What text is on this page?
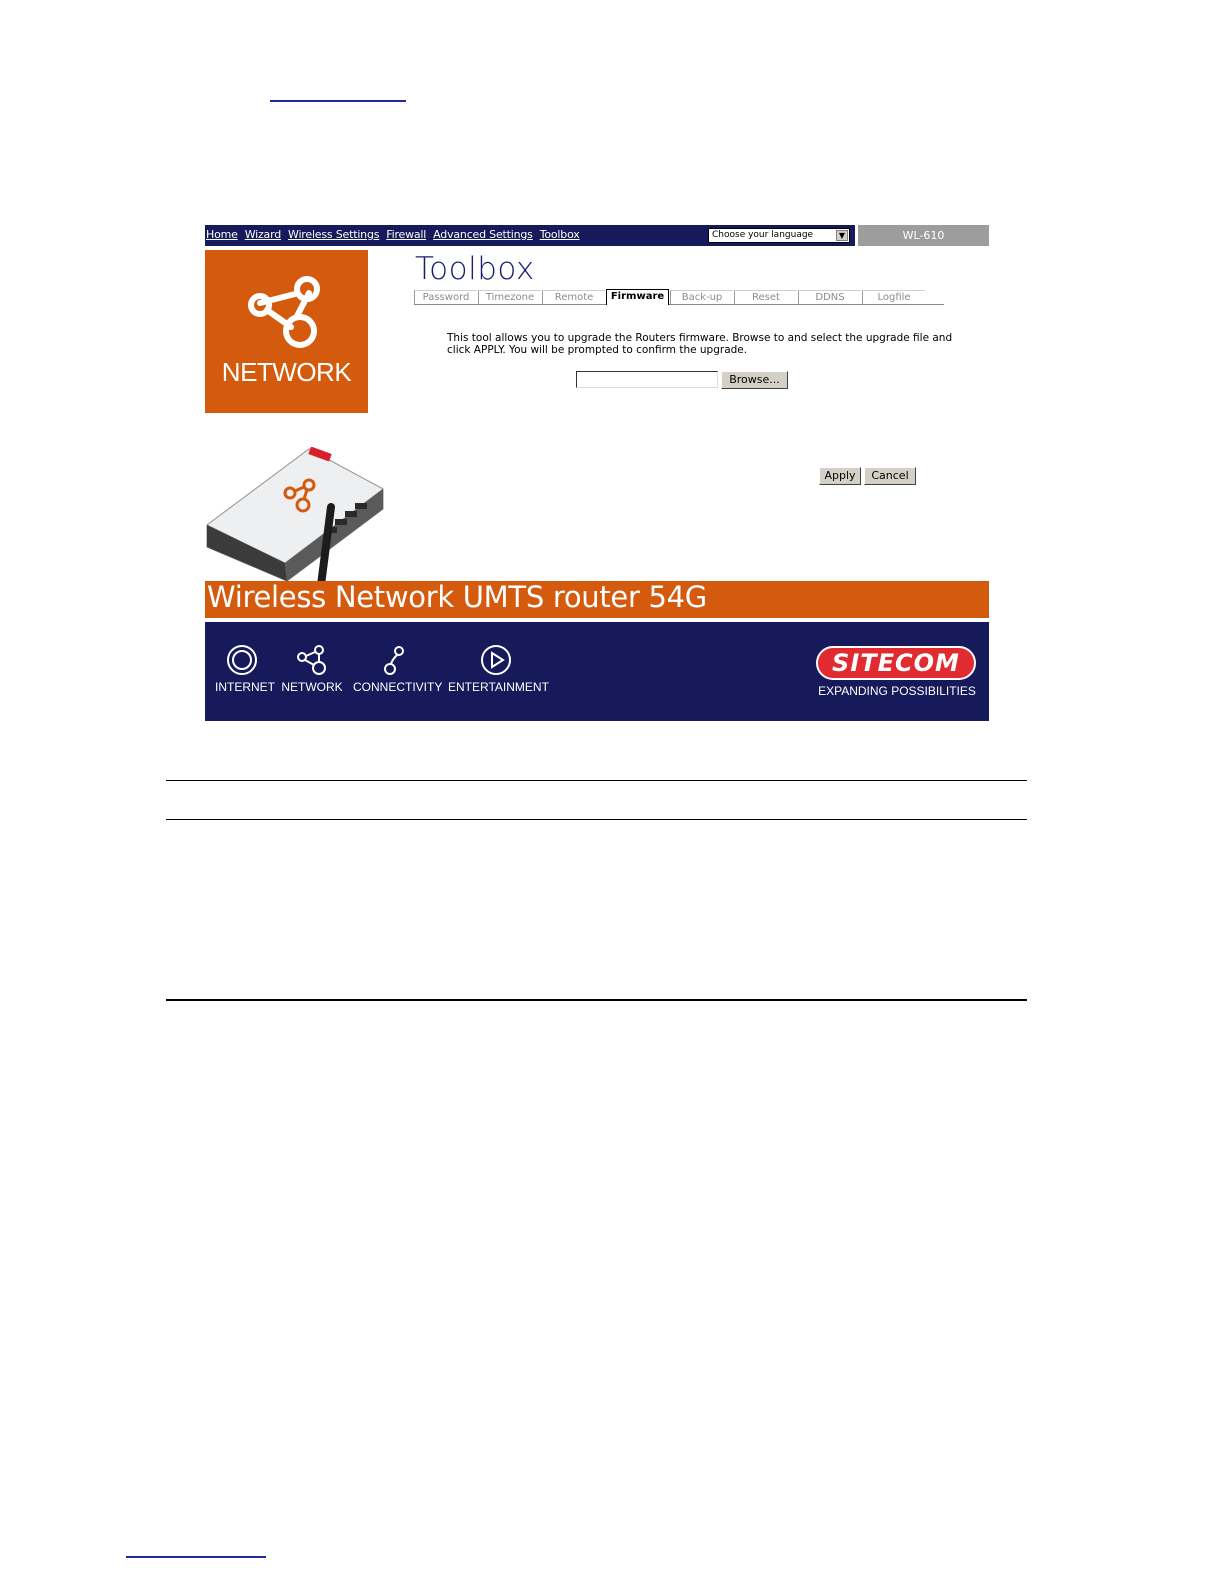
Home Wizard Wireless Settings Firewall Advanced Settings Toolbox	Choose your language	▼	WL-610
NETWORK
Toolbox
Password	Timezone	Remote	Firmware	Back-up	Reset	DDNS	Logfile
This tool allows you to upgrade the Routers firmware. Browse to and select the upgrade file and click APPLY. You will be prompted to confirm the upgrade.
Browse...
Apply	Cancel
Wireless Network UMTS router 54G
INTERNET NETWORK CONNECTIVITY ENTERTAINMENT
SITECOM
EXPANDING POSSIBILITIES
